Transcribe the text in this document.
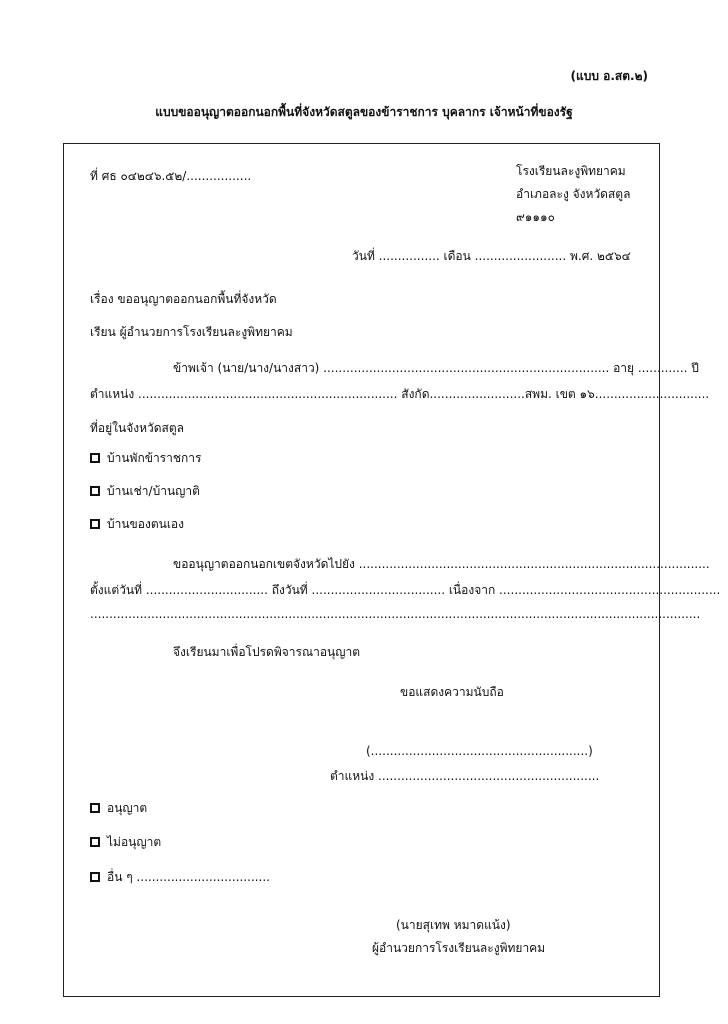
(แบบ อ.สต.๒)
แบบขออนุญาตออกนอกพื้นที่จังหวัดสตูลของข้าราชการ บุคลากร เจ้าหน้าที่ของรัฐ
ที่ ศธ ๐๔๒๔๖.๕๒/.................	โรงเรียนละงูพิทยาคม
อำเภอละงู จังหวัดสตูล
๙๑๑๑๐
วันที่ ................ เดือน ........................ พ.ศ. ๒๕๖๔
เรื่อง ขออนุญาตออกนอกพื้นที่จังหวัด
เรียน ผู้อำนวยการโรงเรียนละงูพิทยาคม
ข้าพเจ้า (นาย/นาง/นางสาว) ........................................................................... อายุ ............. ปี
ตำแหน่ง .................................................................... สังกัด.........................สพม. เขต ๑๖..............................
ที่อยู่ในจังหวัดสตูล
บ้านพักข้าราชการ
บ้านเช่า/บ้านญาติ
บ้านของตนเอง
ขออนุญาตออกนอกเขตจังหวัดไปยัง ............................................................................................
ตั้งแต่วันที่ ................................ ถึงวันที่ ................................... เนื่องจาก ..........................................................
................................................................................................................................................................
จึงเรียนมาเพื่อโปรดพิจารณาอนุญาต
ขอแสดงความนับถือ
(.........................................................)
ตำแหน่ง ..........................................................
อนุญาต
ไม่อนุญาต
อื่น ๆ ...................................
(นายสุเทพ หมาดแน้ง)
ผู้อำนวยการโรงเรียนละงูพิทยาคม
